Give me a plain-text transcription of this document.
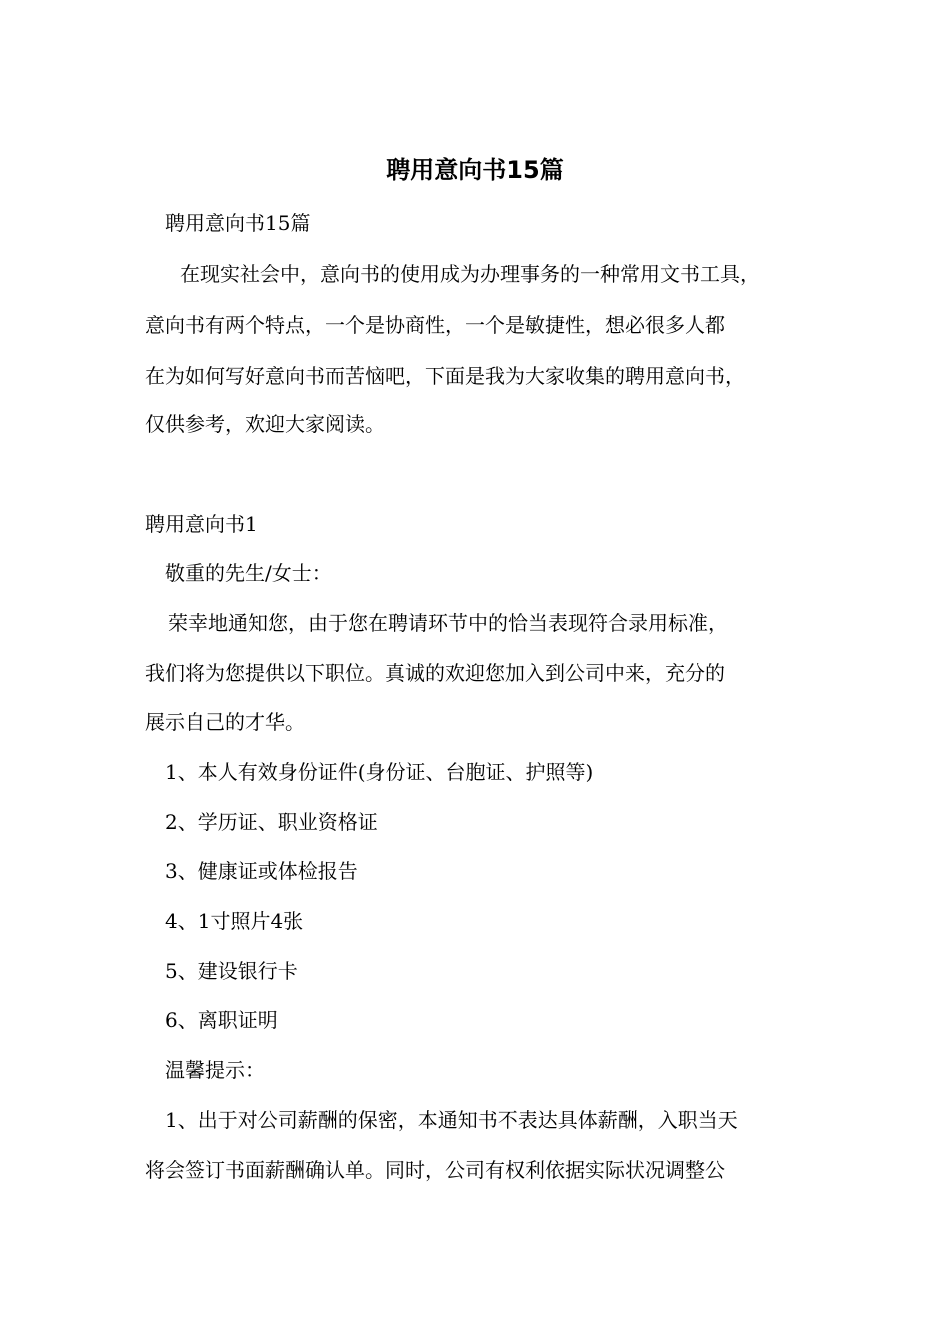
聘用意向书15篇
聘用意向书15篇
在现实社会中，意向书的使用成为办理事务的一种常用文书工具，
意向书有两个特点，一个是协商性，一个是敏捷性，想必很多人都
在为如何写好意向书而苦恼吧，下面是我为大家收集的聘用意向书，
仅供参考，欢迎大家阅读。
聘用意向书1
敬重的先生/女士：
荣幸地通知您，由于您在聘请环节中的恰当表现符合录用标准，
我们将为您提供以下职位。真诚的欢迎您加入到公司中来，充分的
展示自己的才华。
1、本人有效身份证件(身份证、台胞证、护照等)
2、学历证、职业资格证
3、健康证或体检报告
4、1寸照片4张
5、建设银行卡
6、离职证明
温馨提示：
1、出于对公司薪酬的保密，本通知书不表达具体薪酬，入职当天
将会签订书面薪酬确认单。同时，公司有权利依据实际状况调整公
